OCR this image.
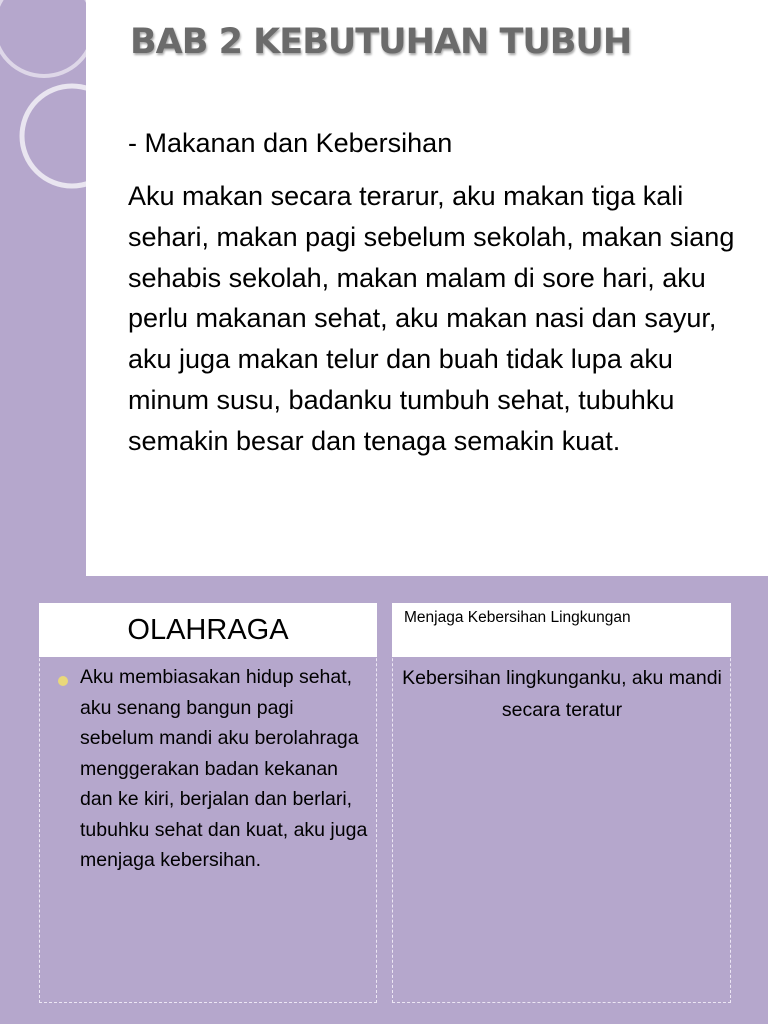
BAB 2 KEBUTUHAN TUBUH

- Makanan dan Kebersihan

Aku makan secara terarur, aku makan tiga kali sehari, makan pagi sebelum sekolah, makan siang sehabis sekolah, makan malam di sore hari, aku perlu makanan sehat, aku makan nasi dan sayur, aku juga makan telur dan buah tidak lupa aku minum susu, badanku tumbuh sehat, tubuhku semakin besar dan tenaga semakin kuat.

OLAHRAGA

Aku membiasakan hidup sehat, aku senang bangun pagi sebelum mandi aku berolahraga menggerakan badan kekanan dan ke kiri, berjalan dan berlari, tubuhku sehat dan kuat, aku juga menjaga kebersihan.

Menjaga Kebersihan Lingkungan

Kebersihan lingkunganku, aku mandi secara teratur
